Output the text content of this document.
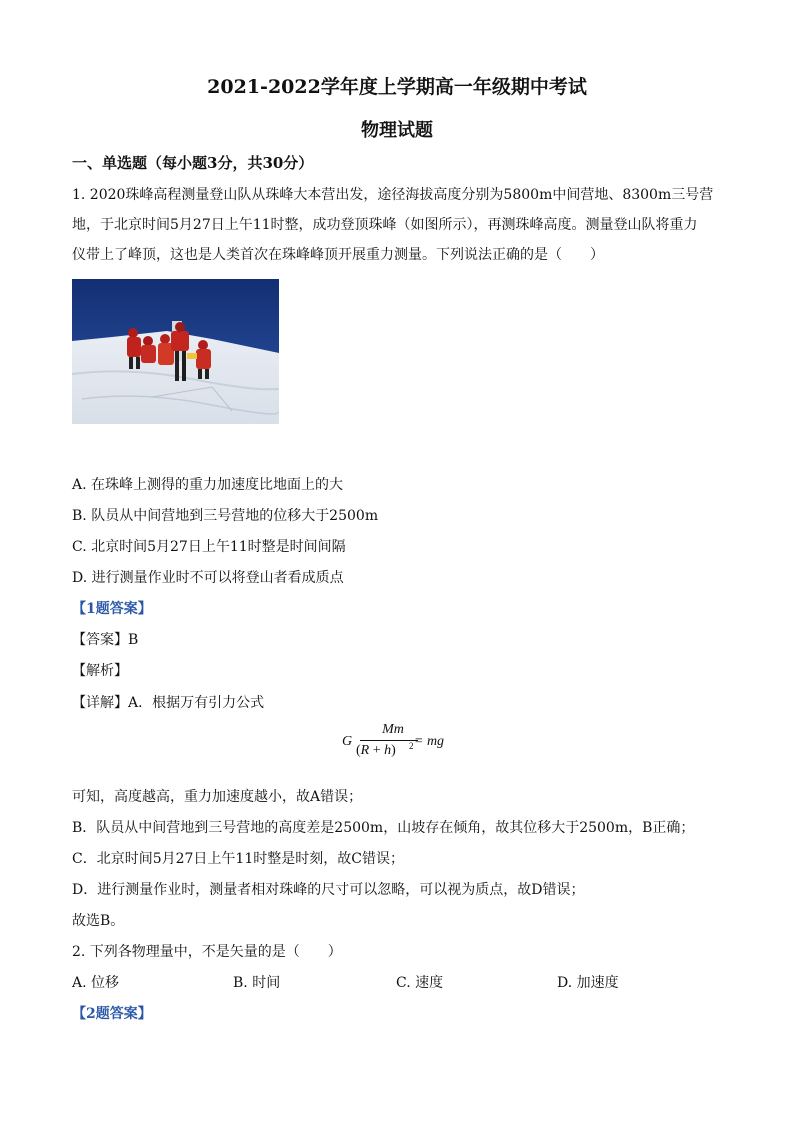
2021-2022学年度上学期高一年级期中考试
物理试题
一、单选题（每小题3分，共30分）
1. 2020珠峰高程测量登山队从珠峰大本营出发，途径海拔高度分别为5800m中间营地、8300m三号营
地，于北京时间5月27日上午11时整，成功登顶珠峰（如图所示），再测珠峰高度。测量登山队将重力
仪带上了峰顶，这也是人类首次在珠峰峰顶开展重力测量。下列说法正确的是（　　）
A. 在珠峰上测得的重力加速度比地面上的大
B. 队员从中间营地到三号营地的位移大于2500m
C. 北京时间5月27日上午11时整是时间间隔
D. 进行测量作业时不可以将登山者看成质点
【1题答案】
【答案】B
【解析】
【详解】A．根据万有引力公式
G
Mm
(R + h) 2 = mg
可知，高度越高，重力加速度越小，故A错误；
B．队员从中间营地到三号营地的高度差是2500m，山坡存在倾角，故其位移大于2500m，B正确；
C．北京时间5月27日上午11时整是时刻，故C错误；
D．进行测量作业时，测量者相对珠峰的尺寸可以忽略，可以视为质点，故D错误；
故选B。
2. 下列各物理量中，不是矢量的是（　　）
A. 位移	B. 时间	C. 速度	D. 加速度
【2题答案】
